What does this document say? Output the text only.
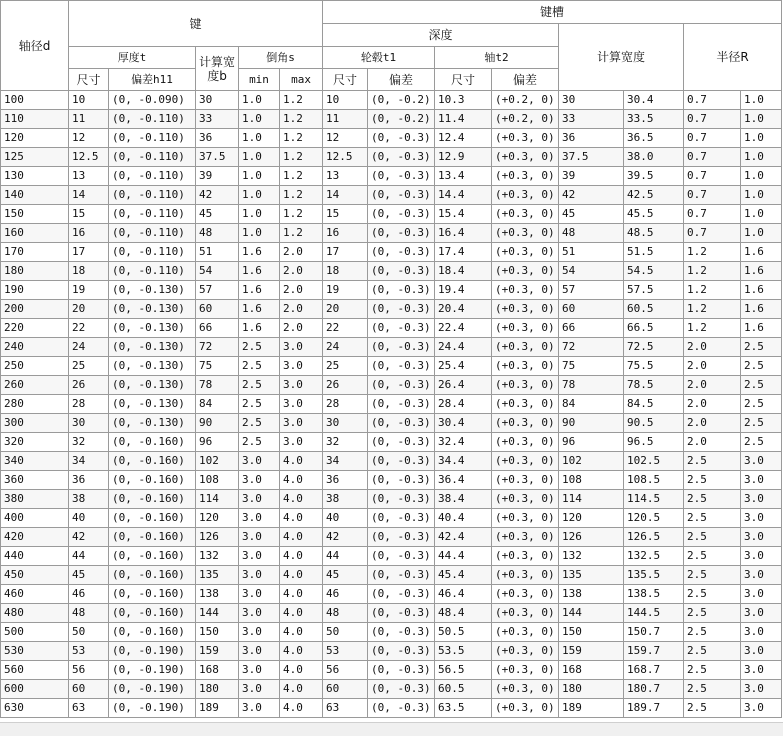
轴径d	键					键槽								
						深度				计算宽度		半径R		
	厚度t		计算宽度b	倒角s		轮毂t1		轴t2						
	尺寸	偏差h11		min	max	尺寸	偏差	尺寸	偏差				
100	10	(0, -0.090)	30	1.0	1.2	10	(0, -0.2)	10.3	(+0.2, 0)	30	30.4	0.7	1.0	
110	11	(0, -0.110)	33	1.0	1.2	11	(0, -0.2)	11.4	(+0.2, 0)	33	33.5	0.7	1.0	
120	12	(0, -0.110)	36	1.0	1.2	12	(0, -0.3)	12.4	(+0.3, 0)	36	36.5	0.7	1.0	
125	12.5	(0, -0.110)	37.5	1.0	1.2	12.5	(0, -0.3)	12.9	(+0.3, 0)	37.5	38.0	0.7	1.0	
130	13	(0, -0.110)	39	1.0	1.2	13	(0, -0.3)	13.4	(+0.3, 0)	39	39.5	0.7	1.0	
140	14	(0, -0.110)	42	1.0	1.2	14	(0, -0.3)	14.4	(+0.3, 0)	42	42.5	0.7	1.0	
150	15	(0, -0.110)	45	1.0	1.2	15	(0, -0.3)	15.4	(+0.3, 0)	45	45.5	0.7	1.0	
160	16	(0, -0.110)	48	1.0	1.2	16	(0, -0.3)	16.4	(+0.3, 0)	48	48.5	0.7	1.0	
170	17	(0, -0.110)	51	1.6	2.0	17	(0, -0.3)	17.4	(+0.3, 0)	51	51.5	1.2	1.6	
180	18	(0, -0.110)	54	1.6	2.0	18	(0, -0.3)	18.4	(+0.3, 0)	54	54.5	1.2	1.6	
190	19	(0, -0.130)	57	1.6	2.0	19	(0, -0.3)	19.4	(+0.3, 0)	57	57.5	1.2	1.6	
200	20	(0, -0.130)	60	1.6	2.0	20	(0, -0.3)	20.4	(+0.3, 0)	60	60.5	1.2	1.6	
220	22	(0, -0.130)	66	1.6	2.0	22	(0, -0.3)	22.4	(+0.3, 0)	66	66.5	1.2	1.6	
240	24	(0, -0.130)	72	2.5	3.0	24	(0, -0.3)	24.4	(+0.3, 0)	72	72.5	2.0	2.5	
250	25	(0, -0.130)	75	2.5	3.0	25	(0, -0.3)	25.4	(+0.3, 0)	75	75.5	2.0	2.5	
260	26	(0, -0.130)	78	2.5	3.0	26	(0, -0.3)	26.4	(+0.3, 0)	78	78.5	2.0	2.5	
280	28	(0, -0.130)	84	2.5	3.0	28	(0, -0.3)	28.4	(+0.3, 0)	84	84.5	2.0	2.5	
300	30	(0, -0.130)	90	2.5	3.0	30	(0, -0.3)	30.4	(+0.3, 0)	90	90.5	2.0	2.5	
320	32	(0, -0.160)	96	2.5	3.0	32	(0, -0.3)	32.4	(+0.3, 0)	96	96.5	2.0	2.5	
340	34	(0, -0.160)	102	3.0	4.0	34	(0, -0.3)	34.4	(+0.3, 0)	102	102.5	2.5	3.0	
360	36	(0, -0.160)	108	3.0	4.0	36	(0, -0.3)	36.4	(+0.3, 0)	108	108.5	2.5	3.0	
380	38	(0, -0.160)	114	3.0	4.0	38	(0, -0.3)	38.4	(+0.3, 0)	114	114.5	2.5	3.0	
400	40	(0, -0.160)	120	3.0	4.0	40	(0, -0.3)	40.4	(+0.3, 0)	120	120.5	2.5	3.0	
420	42	(0, -0.160)	126	3.0	4.0	42	(0, -0.3)	42.4	(+0.3, 0)	126	126.5	2.5	3.0	
440	44	(0, -0.160)	132	3.0	4.0	44	(0, -0.3)	44.4	(+0.3, 0)	132	132.5	2.5	3.0	
450	45	(0, -0.160)	135	3.0	4.0	45	(0, -0.3)	45.4	(+0.3, 0)	135	135.5	2.5	3.0	
460	46	(0, -0.160)	138	3.0	4.0	46	(0, -0.3)	46.4	(+0.3, 0)	138	138.5	2.5	3.0	
480	48	(0, -0.160)	144	3.0	4.0	48	(0, -0.3)	48.4	(+0.3, 0)	144	144.5	2.5	3.0	
500	50	(0, -0.160)	150	3.0	4.0	50	(0, -0.3)	50.5	(+0.3, 0)	150	150.7	2.5	3.0	
530	53	(0, -0.190)	159	3.0	4.0	53	(0, -0.3)	53.5	(+0.3, 0)	159	159.7	2.5	3.0	
560	56	(0, -0.190)	168	3.0	4.0	56	(0, -0.3)	56.5	(+0.3, 0)	168	168.7	2.5	3.0	
600	60	(0, -0.190)	180	3.0	4.0	60	(0, -0.3)	60.5	(+0.3, 0)	180	180.7	2.5	3.0	
630	63	(0, -0.190)	189	3.0	4.0	63	(0, -0.3)	63.5	(+0.3, 0)	189	189.7	2.5	3.0	
